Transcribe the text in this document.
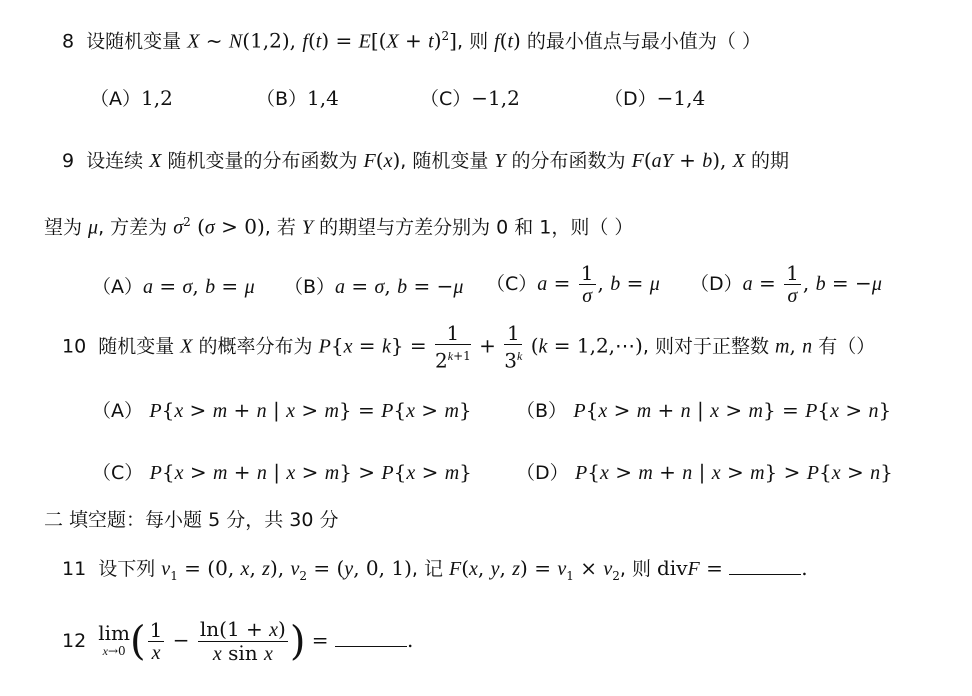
8  设随机变量 X ~ N(1,2), $f(t) = E[(X + t)^2]$, 则 f(t) 的最小值点与最小值为（ ）
（A）1,2	（B）1,4	（C）−1,2	（D）−1,4
9  设连续 X 随机变量的分布函数为 F(x), 随机变量 Y 的分布函数为 F(aY + b), X 的期
望为 μ, 方差为 $\sigma^2$ (σ > 0), 若 Y 的期望与方差分别为 0 和 1，则（ ）
（A）a = σ, b = μ （B）a = σ, b = −μ $(C)a = \frac{1}{\sigma}$ , b = μ $(D)a = \frac{1}{\sigma}$ , b = −μ
10  随机变量 X 的概率分布为 $P\{x = k\} = \frac{1}{2^{k+1}} + \frac{1}{3^k} (k$ = 1,2,⋯), 则对于正整数 m, n 有（）
（A） P{x > m + n | x > m} = P{x > m} （B） P{x > m + n | x > m} = P{x > n}
（C） P{x > m + n | x > m} > P{x > m} （D） P{x > m + n | x > m} > P{x > n}
二 填空题：每小题 5 分，共 30 分
11  设下列 $v_1 = (0$, x, z), $v_2 = (y$, 0, 1), 记 F(x, y, $z) = v_1 \times v_2$, 则 divF =	.
12 lim
x→0 ( $\frac{1}{x} - \frac{\ln(1 + x)}{\text{x sin x}}$ ) =	.
